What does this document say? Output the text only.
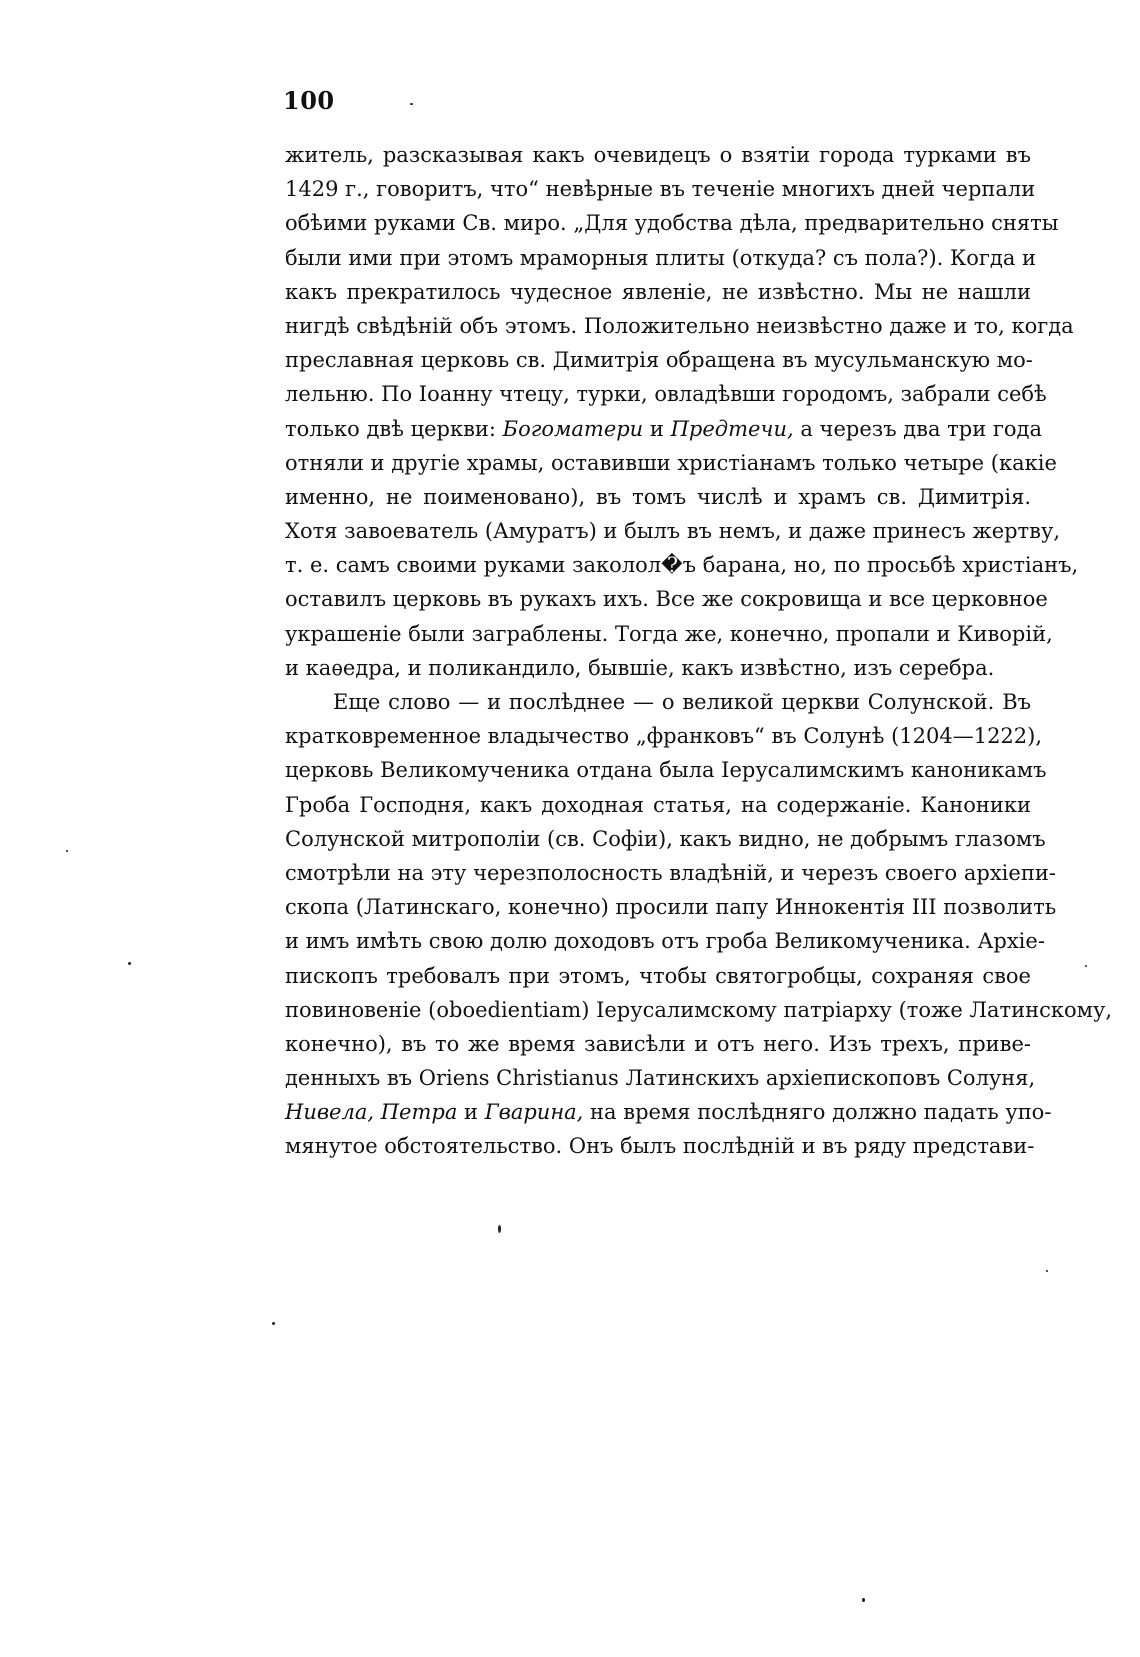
100
житель, разсказывая какъ очевидецъ о взятіи города турками въ
1429 г., говоритъ, что“ невѣрные въ теченіе многихъ дней черпали
обѣими руками Св. миро. „Для удобства дѣла, предварительно сняты
были ими при этомъ мраморныя плиты (откуда? съ пола?). Когда и
какъ прекратилось чудесное явленіе, не извѣстно. Мы не нашли
нигдѣ свѣдѣній объ этомъ. Положительно неизвѣстно даже и то, когда
преславная церковь св. Димитрія обращена въ мусульманскую мо-
лельню. По Іоанну чтецу, турки, овладѣвши городомъ, забрали себѣ
только двѣ церкви: Богоматери и Предтечи, а черезъ два три года
отняли и другіе храмы, оставивши христіанамъ только четыре (какіе
именно, не поименовано), въ томъ числѣ и храмъ св. Димитрія.
Хотя завоеватель (Амуратъ) и былъ въ немъ, и даже принесъ жертву,
т. е. самъ своими руками заколол�ъ барана, но, по просьбѣ христіанъ,
оставилъ церковь въ рукахъ ихъ. Все же сокровища и все церковное
украшеніе были заграблены. Тогда же, конечно, пропали и Киворій,
и каѳедра, и поликандило, бывшіе, какъ извѣстно, изъ серебра.
Еще слово — и послѣднее — о великой церкви Солунской. Въ
кратковременное владычество „франковъ“ въ Солунѣ (1204—1222),
церковь Великомученика отдана была Іерусалимскимъ каноникамъ
Гроба Господня, какъ доходная статья, на содержаніе. Каноники
Солунской митрополіи (св. Софіи), какъ видно, не добрымъ глазомъ
смотрѣли на эту черезполосность владѣній, и черезъ своего архіепи-
скопа (Латинскаго, конечно) просили папу Иннокентія III позволить
и имъ имѣть свою долю доходовъ отъ гроба Великомученика. Архіе-
пископъ требовалъ при этомъ, чтобы святогробцы, сохраняя свое
повиновеніе (oboedientiam) Іерусалимскому патріарху (тоже Латинскому,
конечно), въ то же время зависѣли и отъ него. Изъ трехъ, приве-
денныхъ въ Oriens Christianus Латинскихъ архіепископовъ Солуня,
Нивела, Петра и Гварина, на время послѣдняго должно падать упо-
мянутое обстоятельство. Онъ былъ послѣдній и въ ряду представи-
